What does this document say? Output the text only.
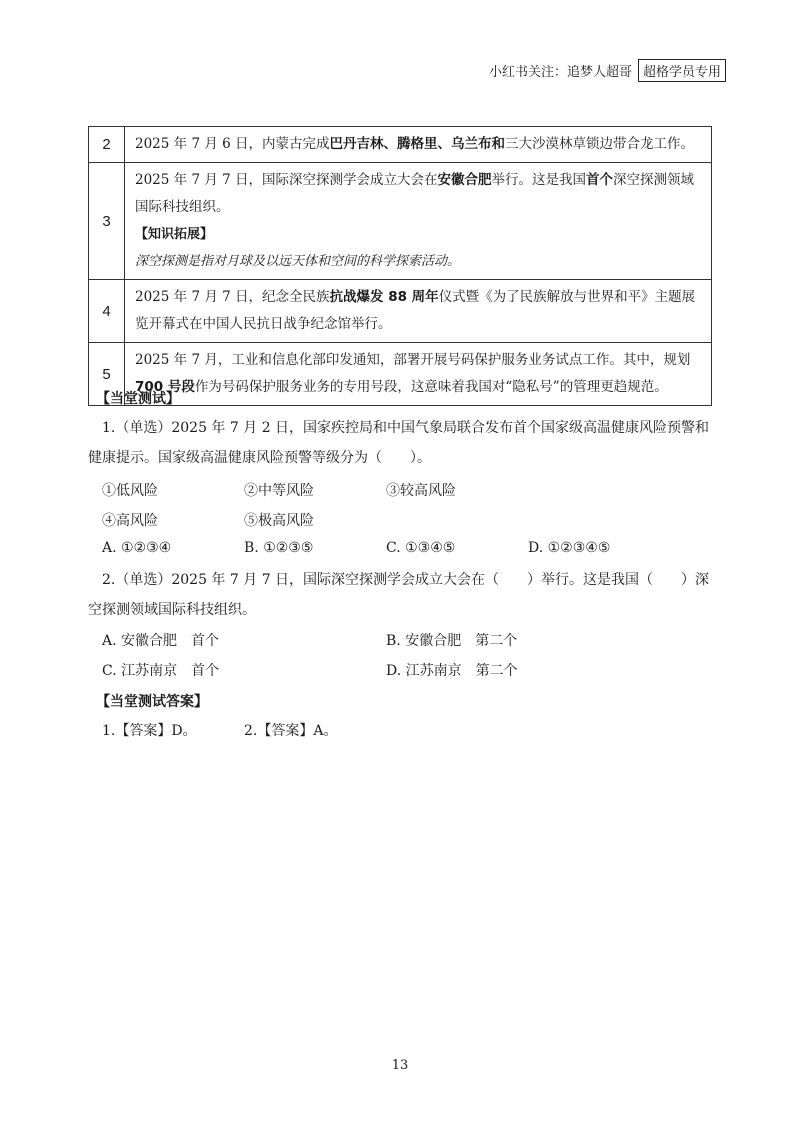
小红书关注：追梦人超哥 超格学员专用
2	2025 年 7 月 6 日，内蒙古完成巴丹吉林、腾格里、乌兰布和三大沙漠林草锁边带合龙工作。
3	2025 年 7 月 7 日，国际深空探测学会成立大会在安徽合肥举行。这是我国首个深空探测领域国际科技组织。
【知识拓展】
深空探测是指对月球及以远天体和空间的科学探索活动。

4	2025 年 7 月 7 日，纪念全民族抗战爆发 88 周年仪式暨《为了民族解放与世界和平》主题展览开幕式在中国人民抗日战争纪念馆举行。
5	2025 年 7 月，工业和信息化部印发通知，部署开展号码保护服务业务试点工作。其中，规划 700 号段作为号码保护服务业务的专用号段，这意味着我国对“隐私号”的管理更趋规范。
【当堂测试】
1.（单选）2025 年 7 月 2 日，国家疾控局和中国气象局联合发布首个国家级高温健康风险预警和健康提示。国家级高温健康风险预警等级分为（　　）。
①低风险	②中等风险	③较高风险
④高风险	⑤极高风险
A. ①②③④	B. ①②③⑤	C. ①③④⑤	D. ①②③④⑤
2.（单选）2025 年 7 月 7 日，国际深空探测学会成立大会在（　　）举行。这是我国（　　）深空探测领域国际科技组织。
A. 安徽合肥　首个	B. 安徽合肥　第二个
C. 江苏南京　首个	D. 江苏南京　第二个
【当堂测试答案】
1.【答案】D。	2.【答案】A。
13
